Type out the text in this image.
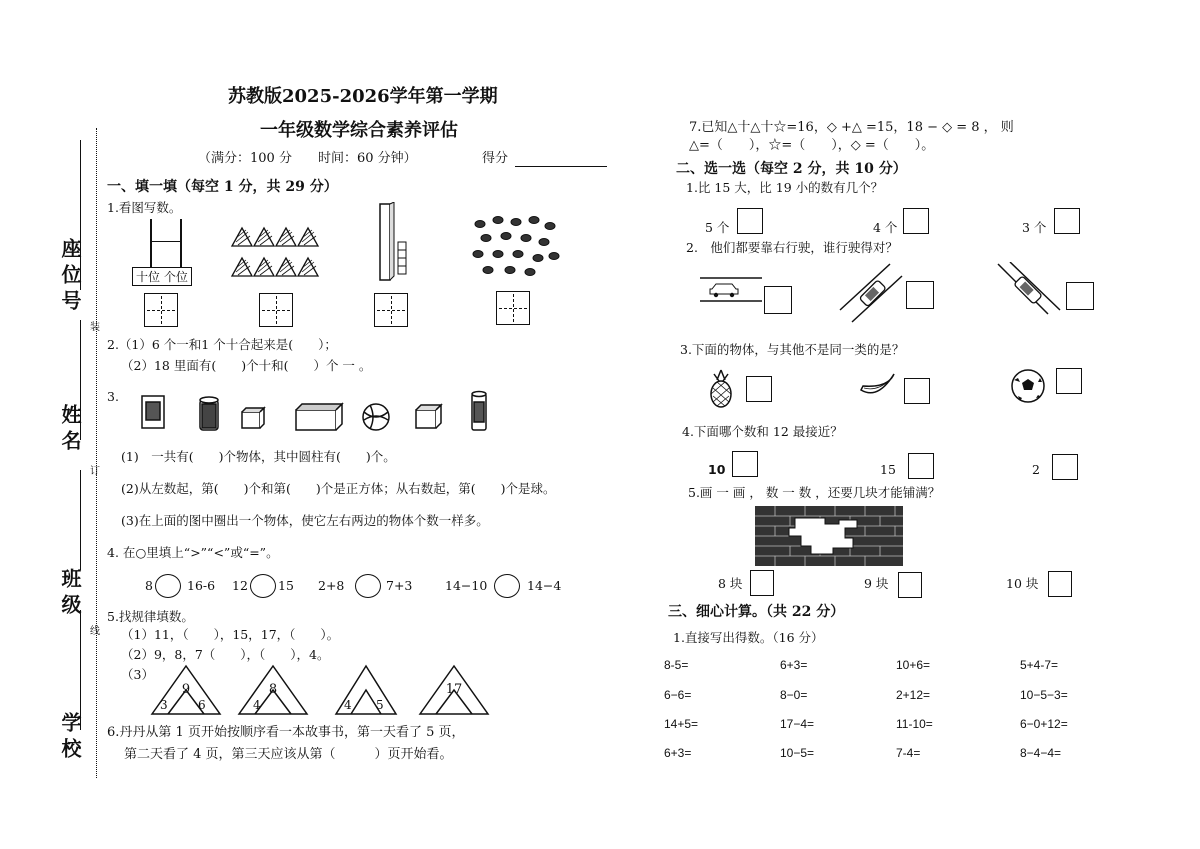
座位号
姓名
班级
学校
装
订
线
苏教版2025-2026学年第一学期
一年级数学综合素养评估
（满分：100 分 时间：60 分钟）	得分
一、填一填（每空 1 分，共 29 分）
1.看图写数。
十位 个位
2.（1）6 个一和1 个十合起来是(　　）；
（2）18 里面有(　　)个十和(　　）个 一 。
3.
(1)　一共有(　　)个物体，其中圆柱有(　　)个。
(2)从左数起，第(　　)个和第(　　)个是正方体；从右数起，第(　　)个是球。
(3)在上面的图中圈出一个物体，使它左右两边的物体个数一样多。
4. 在○里填上“>”“<”或“=”。
8	16-6 12 15 2+8	7+3	14−10	14−4
5.找规律填数。
（1）11，（　　），15，17，（　　）。
（2）9，8，7（　　），（　　），4。
（3）
9
3	6
8
4	4 5
17
6.丹丹从第 1 页开始按顺序看一本故事书，第一天看了 5 页，
第二天看了 4 页，第三天应该从第（　　　）页开始看。
7.已知△十△十☆=16，◇ +△ =15，18 − ◇ = 8 ， 则
△=（　　），☆=（　　），◇ =（　　）。
二、选一选（每空 2 分，共 10 分）
1.比 15 大，比 19 小的数有几个？
5 个	4 个	3 个
2.　他们都要靠右行驶，谁行驶得对？
3.下面的物体，与其他不是同一类的是？
4.下面哪个数和 12 最接近？
10	15	2
5.画 一 画 ， 数 一 数 ，还要几块才能铺满？
8 块	9 块	10 块
三、细心计算。（共 22 分）
1.直接写出得数。（16 分）
8-5=	6+3=	10+6=	5+4-7=
6−6=	8−0=	2+12=	10−5−3=
14+5=	17−4=	11-10=	6−0+12=
6+3=	10−5=	7-4=	8−4−4=
